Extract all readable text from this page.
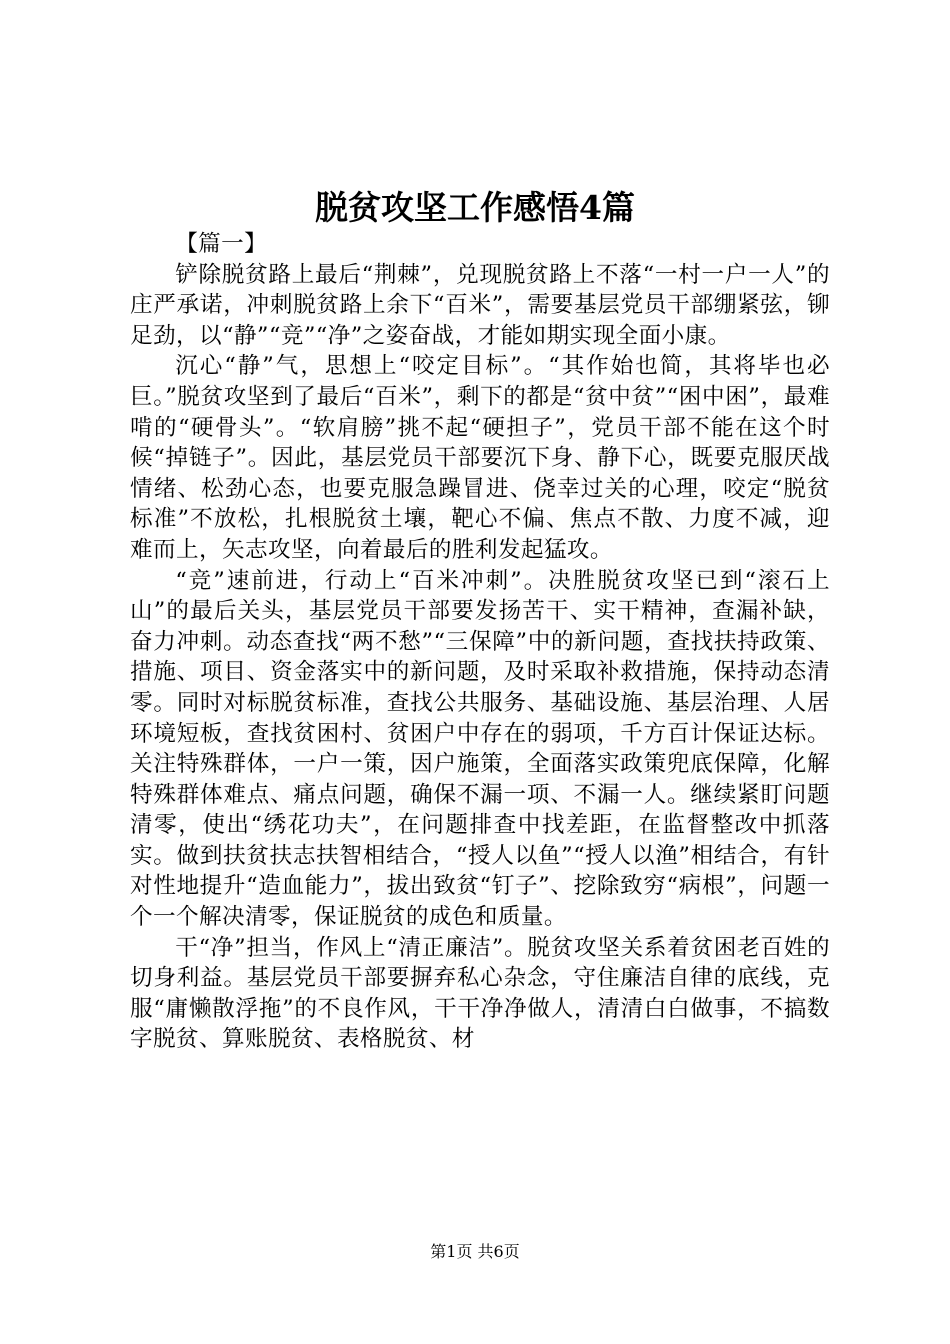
脱贫攻坚工作感悟4篇

【篇一】

铲除脱贫路上最后“荆棘”，兑现脱贫路上不落“一村一户一人”的庄严承诺，冲刺脱贫路上余下“百米”，需要基层党员干部绷紧弦，铆足劲，以“静”“竞”“净”之姿奋战，才能如期实现全面小康。

沉心“静”气，思想上“咬定目标”。“其作始也简，其将毕也必巨。”脱贫攻坚到了最后“百米”，剩下的都是“贫中贫”“困中困”，最难啃的“硬骨头”。“软肩膀”挑不起“硬担子”，党员干部不能在这个时候“掉链子”。因此，基层党员干部要沉下身、静下心，既要克服厌战情绪、松劲心态，也要克服急躁冒进、侥幸过关的心理，咬定“脱贫标准”不放松，扎根脱贫土壤，靶心不偏、焦点不散、力度不减，迎难而上，矢志攻坚，向着最后的胜利发起猛攻。

“竞”速前进，行动上“百米冲刺”。决胜脱贫攻坚已到“滚石上山”的最后关头，基层党员干部要发扬苦干、实干精神，查漏补缺，奋力冲刺。动态查找“两不愁”“三保障”中的新问题，查找扶持政策、措施、项目、资金落实中的新问题，及时采取补救措施，保持动态清零。同时对标脱贫标准，查找公共服务、基础设施、基层治理、人居环境短板，查找贫困村、贫困户中存在的弱项，千方百计保证达标。关注特殊群体，一户一策，因户施策，全面落实政策兜底保障，化解特殊群体难点、痛点问题，确保不漏一项、不漏一人。继续紧盯问题清零，使出“绣花功夫”，在问题排查中找差距，在监督整改中抓落实。做到扶贫扶志扶智相结合，“授人以鱼”“授人以渔”相结合，有针对性地提升“造血能力”，拔出致贫“钉子”、挖除致穷“病根”，问题一个一个解决清零，保证脱贫的成色和质量。

干“净”担当，作风上“清正廉洁”。脱贫攻坚关系着贫困老百姓的切身利益。基层党员干部要摒弃私心杂念，守住廉洁自律的底线，克服“庸懒散浮拖”的不良作风，干干净净做人，清清白白做事，不搞数字脱贫、算账脱贫、表格脱贫、材

第1页 共6页
